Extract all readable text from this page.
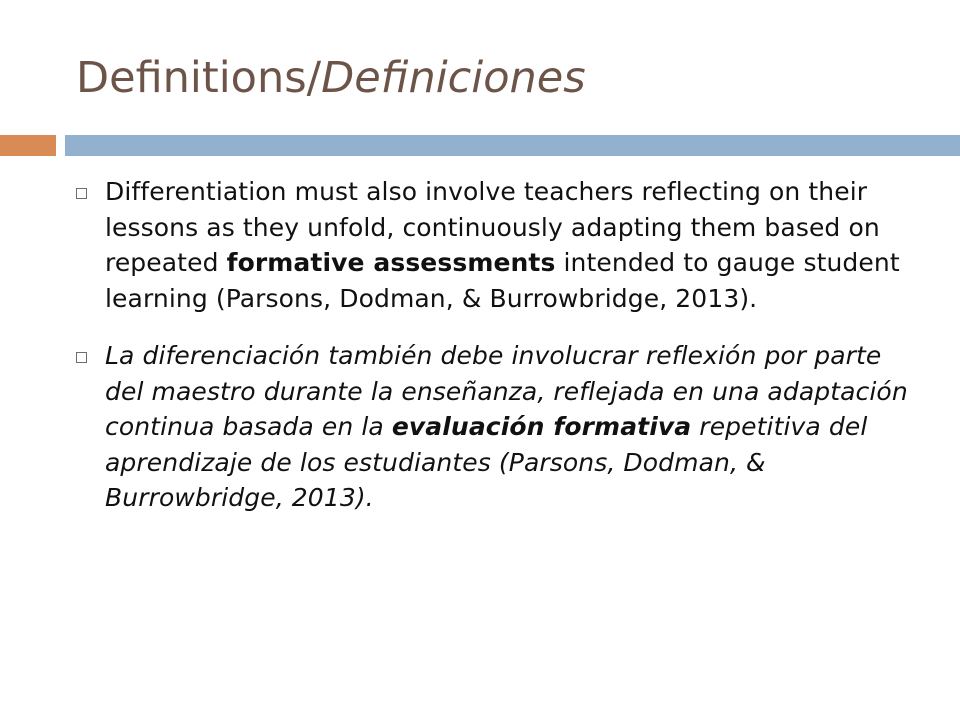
Definitions/Definiciones
Differentiation must also involve teachers reflecting on their lessons as they unfold, continuously adapting them based on repeated formative assessments intended to gauge student learning (Parsons, Dodman, & Burrowbridge, 2013).
La diferenciación también debe involucrar reflexión por parte del maestro durante la enseñanza, reflejada en una adaptación continua basada en la evaluación formativa repetitiva del aprendizaje de los estudiantes (Parsons, Dodman, & Burrowbridge, 2013).
